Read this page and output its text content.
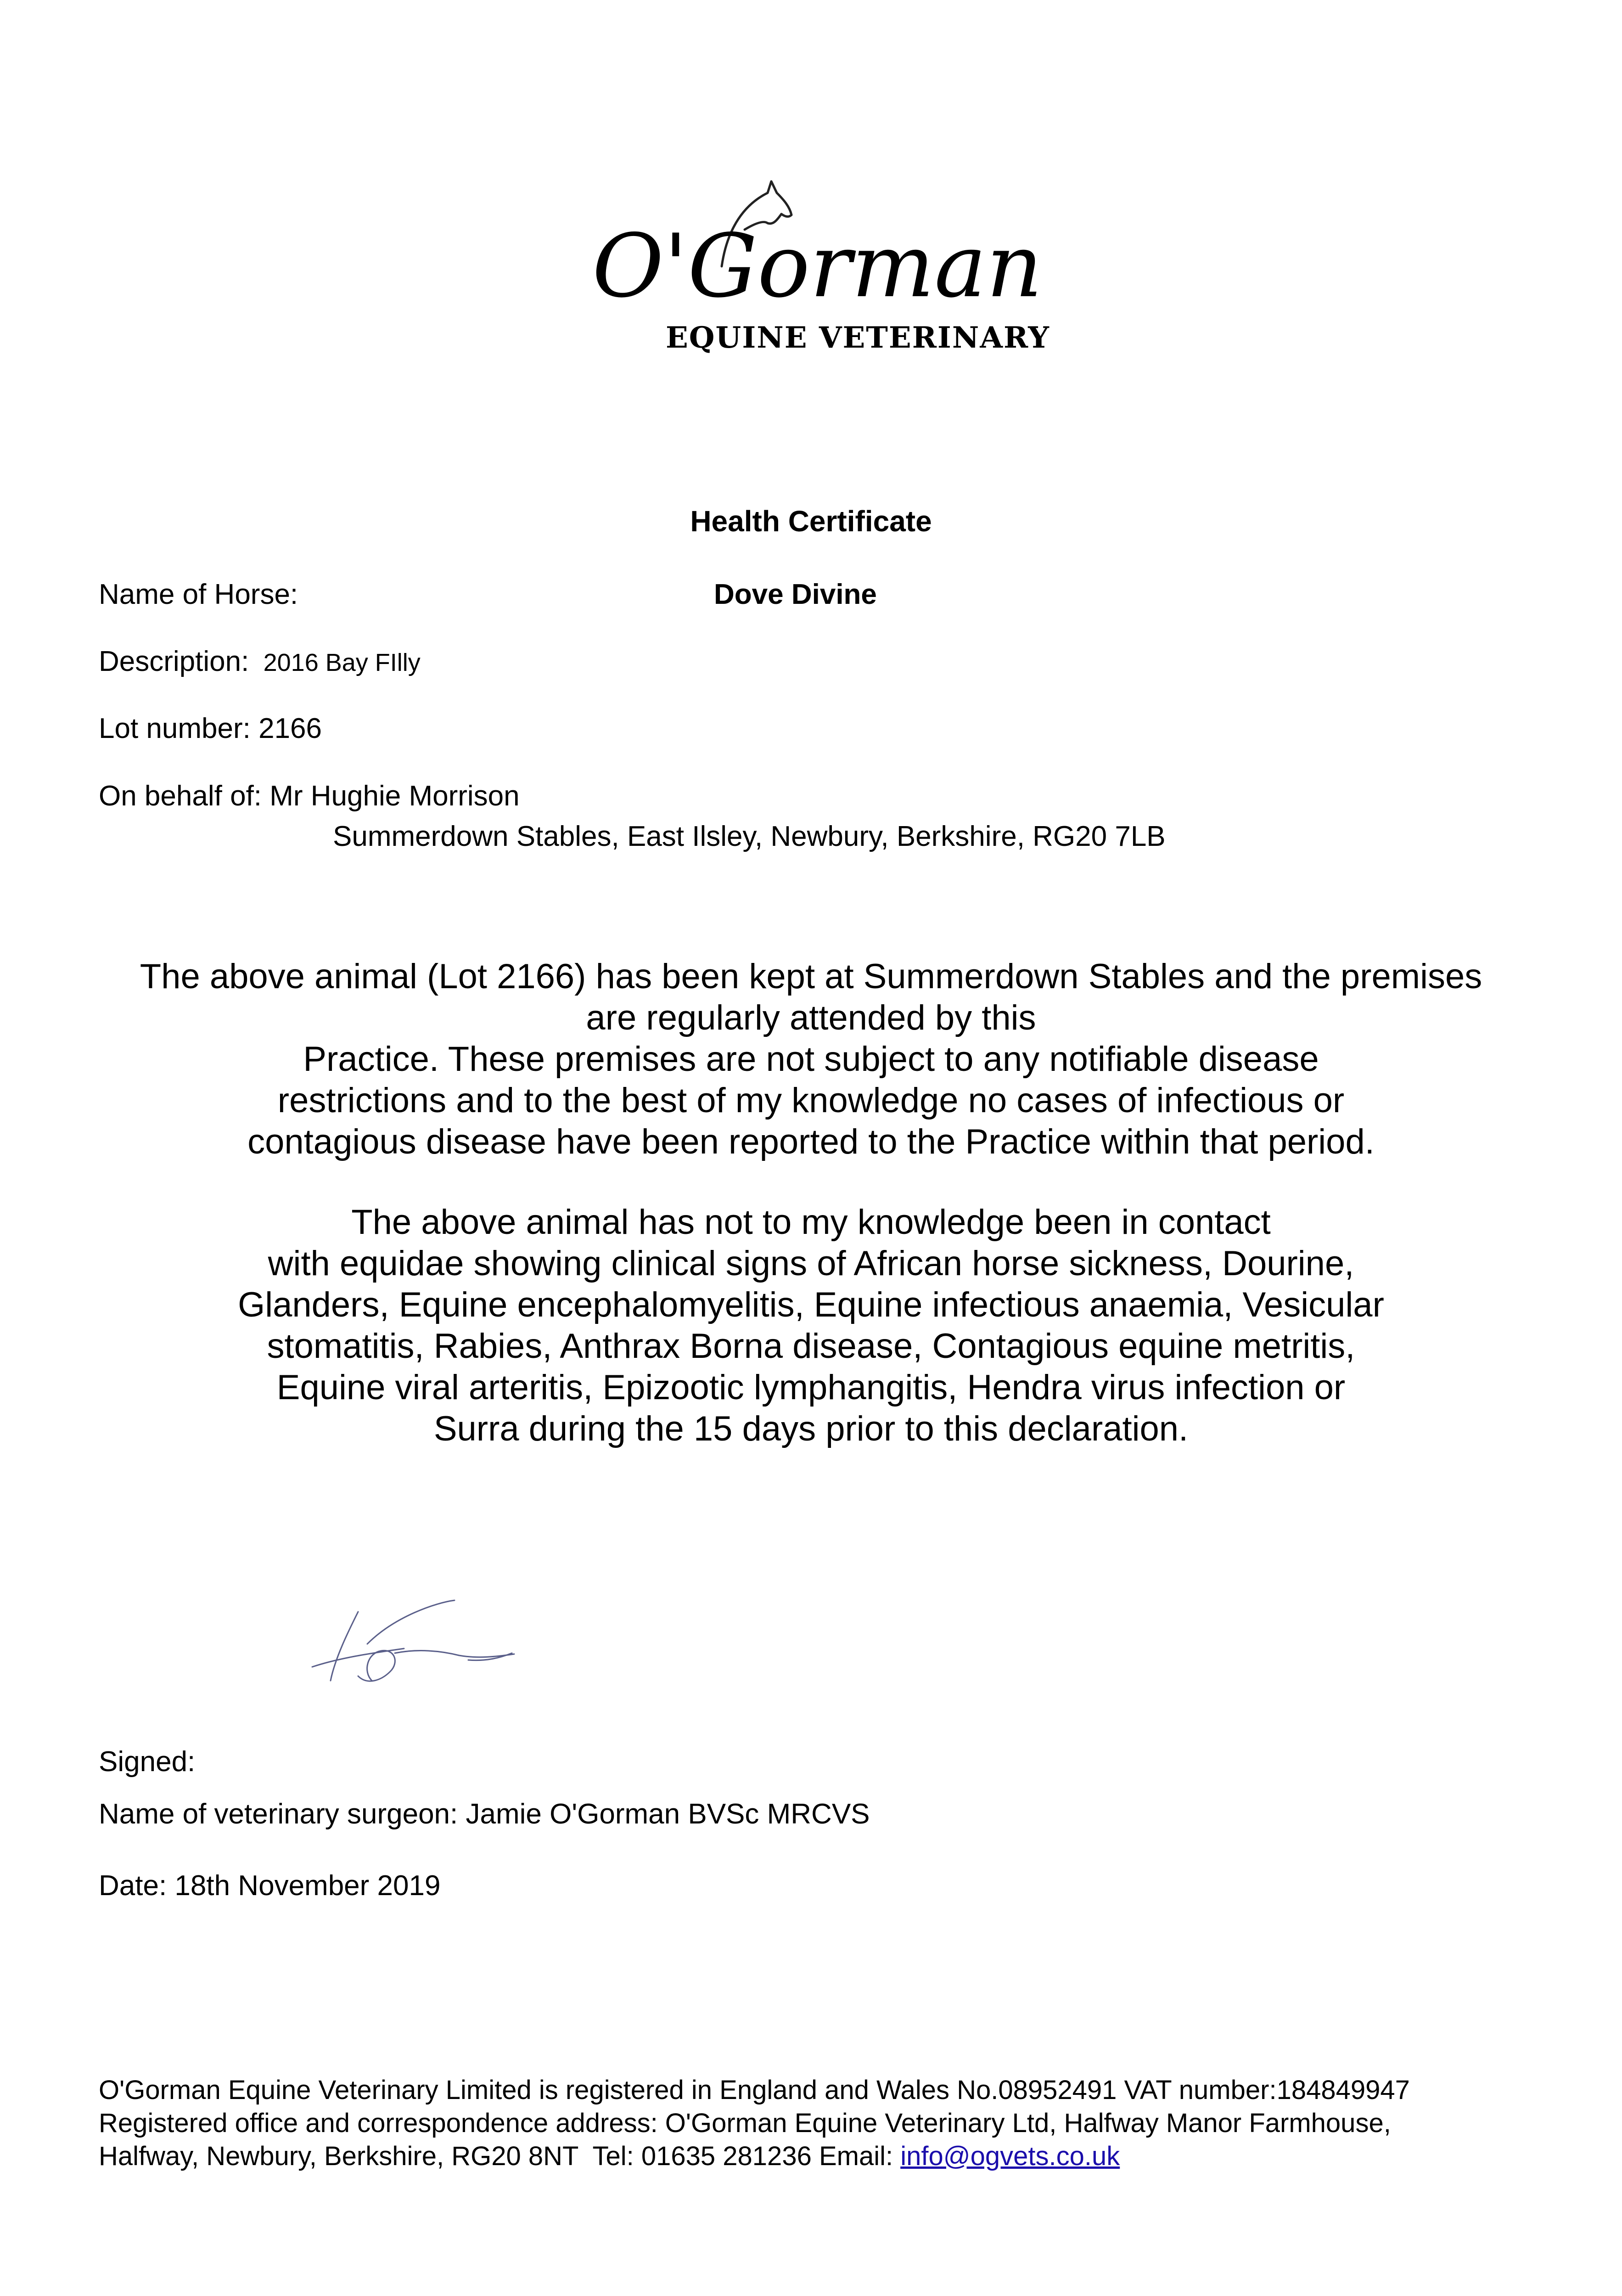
O'Gorman
EQUINE VETERINARY
Health Certificate
Name of Horse:	Dove Divine
Description: 2016 Bay FIlly
Lot number: 2166
On behalf of: Mr Hughie Morrison
Summerdown Stables, East Ilsley, Newbury, Berkshire, RG20 7LB
The above animal (Lot 2166) has been kept at Summerdown Stables and the premises
are regularly attended by this
Practice. These premises are not subject to any notifiable disease
restrictions and to the best of my knowledge no cases of infectious or
contagious disease have been reported to the Practice within that period.
The above animal has not to my knowledge been in contact
with equidae showing clinical signs of African horse sickness, Dourine,
Glanders, Equine encephalomyelitis, Equine infectious anaemia, Vesicular
stomatitis, Rabies, Anthrax Borna disease, Contagious equine metritis,
Equine viral arteritis, Epizootic lymphangitis, Hendra virus infection or
Surra during the 15 days prior to this declaration.
Signed:
Name of veterinary surgeon: Jamie O'Gorman BVSc MRCVS
Date: 18th November 2019
O'Gorman Equine Veterinary Limited is registered in England and Wales No.08952491 VAT number:184849947
Registered office and correspondence address: O'Gorman Equine Veterinary Ltd, Halfway Manor Farmhouse,
Halfway, Newbury, Berkshire, RG20 8NT  Tel: 01635 281236 Email: info@ogvets.co.uk
